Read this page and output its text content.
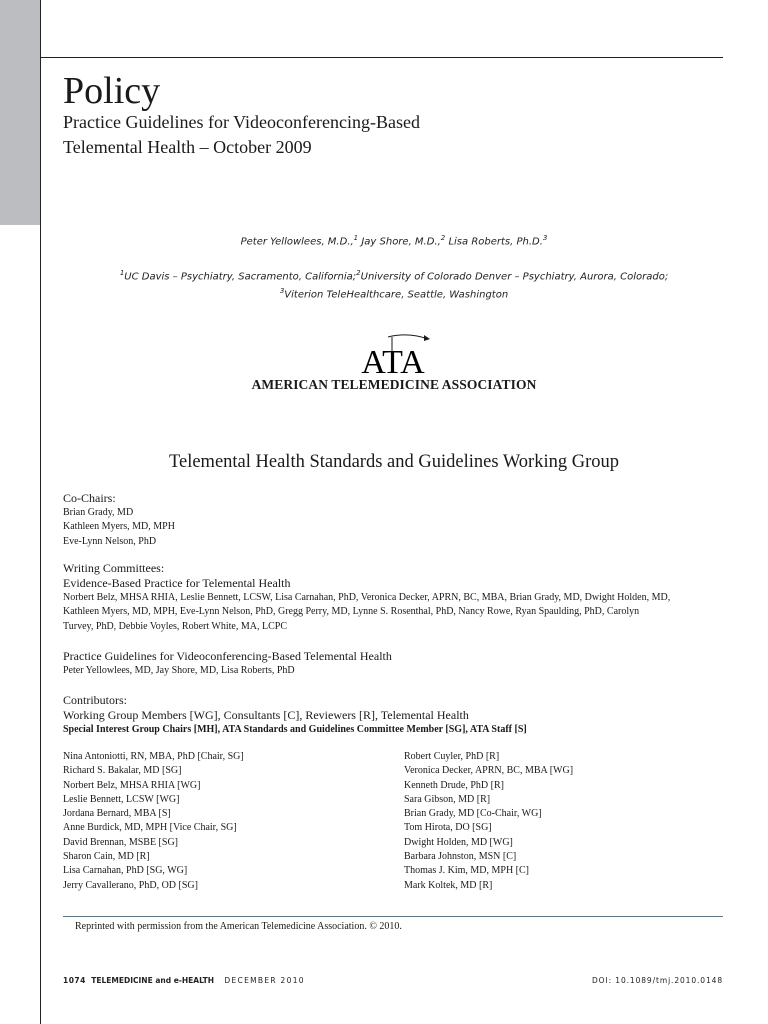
Policy
Practice Guidelines for Videoconferencing-Based
Telemental Health – October 2009
Peter Yellowlees, M.D.,$^1$ Jay Shore, M.D.,$^2$ Lisa Roberts, Ph.D.$^3$
$^1$UC Davis – Psychiatry, Sacramento, California;$^2$University of Colorado Denver – Psychiatry, Aurora, Colorado;
$^3$Viterion TeleHealthcare, Seattle, Washington
ATA
AMERICAN TELEMEDICINE ASSOCIATION
Telemental Health Standards and Guidelines Working Group
Co-Chairs:
Brian Grady, MD
Kathleen Myers, MD, MPH
Eve-Lynn Nelson, PhD
Writing Committees:
Evidence-Based Practice for Telemental Health
Norbert Belz, MHSA RHIA, Leslie Bennett, LCSW, Lisa Carnahan, PhD, Veronica Decker, APRN, BC, MBA, Brian Grady, MD, Dwight Holden, MD,
Kathleen Myers, MD, MPH, Eve-Lynn Nelson, PhD, Gregg Perry, MD, Lynne S. Rosenthal, PhD, Nancy Rowe, Ryan Spaulding, PhD, Carolyn
Turvey, PhD, Debbie Voyles, Robert White, MA, LCPC
Practice Guidelines for Videoconferencing-Based Telemental Health
Peter Yellowlees, MD, Jay Shore, MD, Lisa Roberts, PhD
Contributors:
Working Group Members [WG], Consultants [C], Reviewers [R], Telemental Health
Special Interest Group Chairs [MH], ATA Standards and Guidelines Committee Member [SG], ATA Staff [S]
Nina Antoniotti, RN, MBA, PhD [Chair, SG]
Richard S. Bakalar, MD [SG]
Norbert Belz, MHSA RHIA [WG]
Leslie Bennett, LCSW [WG]
Jordana Bernard, MBA [S]
Anne Burdick, MD, MPH [Vice Chair, SG]
David Brennan, MSBE [SG]
Sharon Cain, MD [R]
Lisa Carnahan, PhD [SG, WG]
Jerry Cavallerano, PhD, OD [SG]
Robert Cuyler, PhD [R]
Veronica Decker, APRN, BC, MBA [WG]
Kenneth Drude, PhD [R]
Sara Gibson, MD [R]
Brian Grady, MD [Co-Chair, WG]
Tom Hirota, DO [SG]
Dwight Holden, MD [WG]
Barbara Johnston, MSN [C]
Thomas J. Kim, MD, MPH [C]
Mark Koltek, MD [R]
Reprinted with permission from the American Telemedicine Association. © 2010.
1074 TELEMEDICINE and e-HEALTH DECEMBER 2010	DOI: 10.1089/tmj.2010.0148
